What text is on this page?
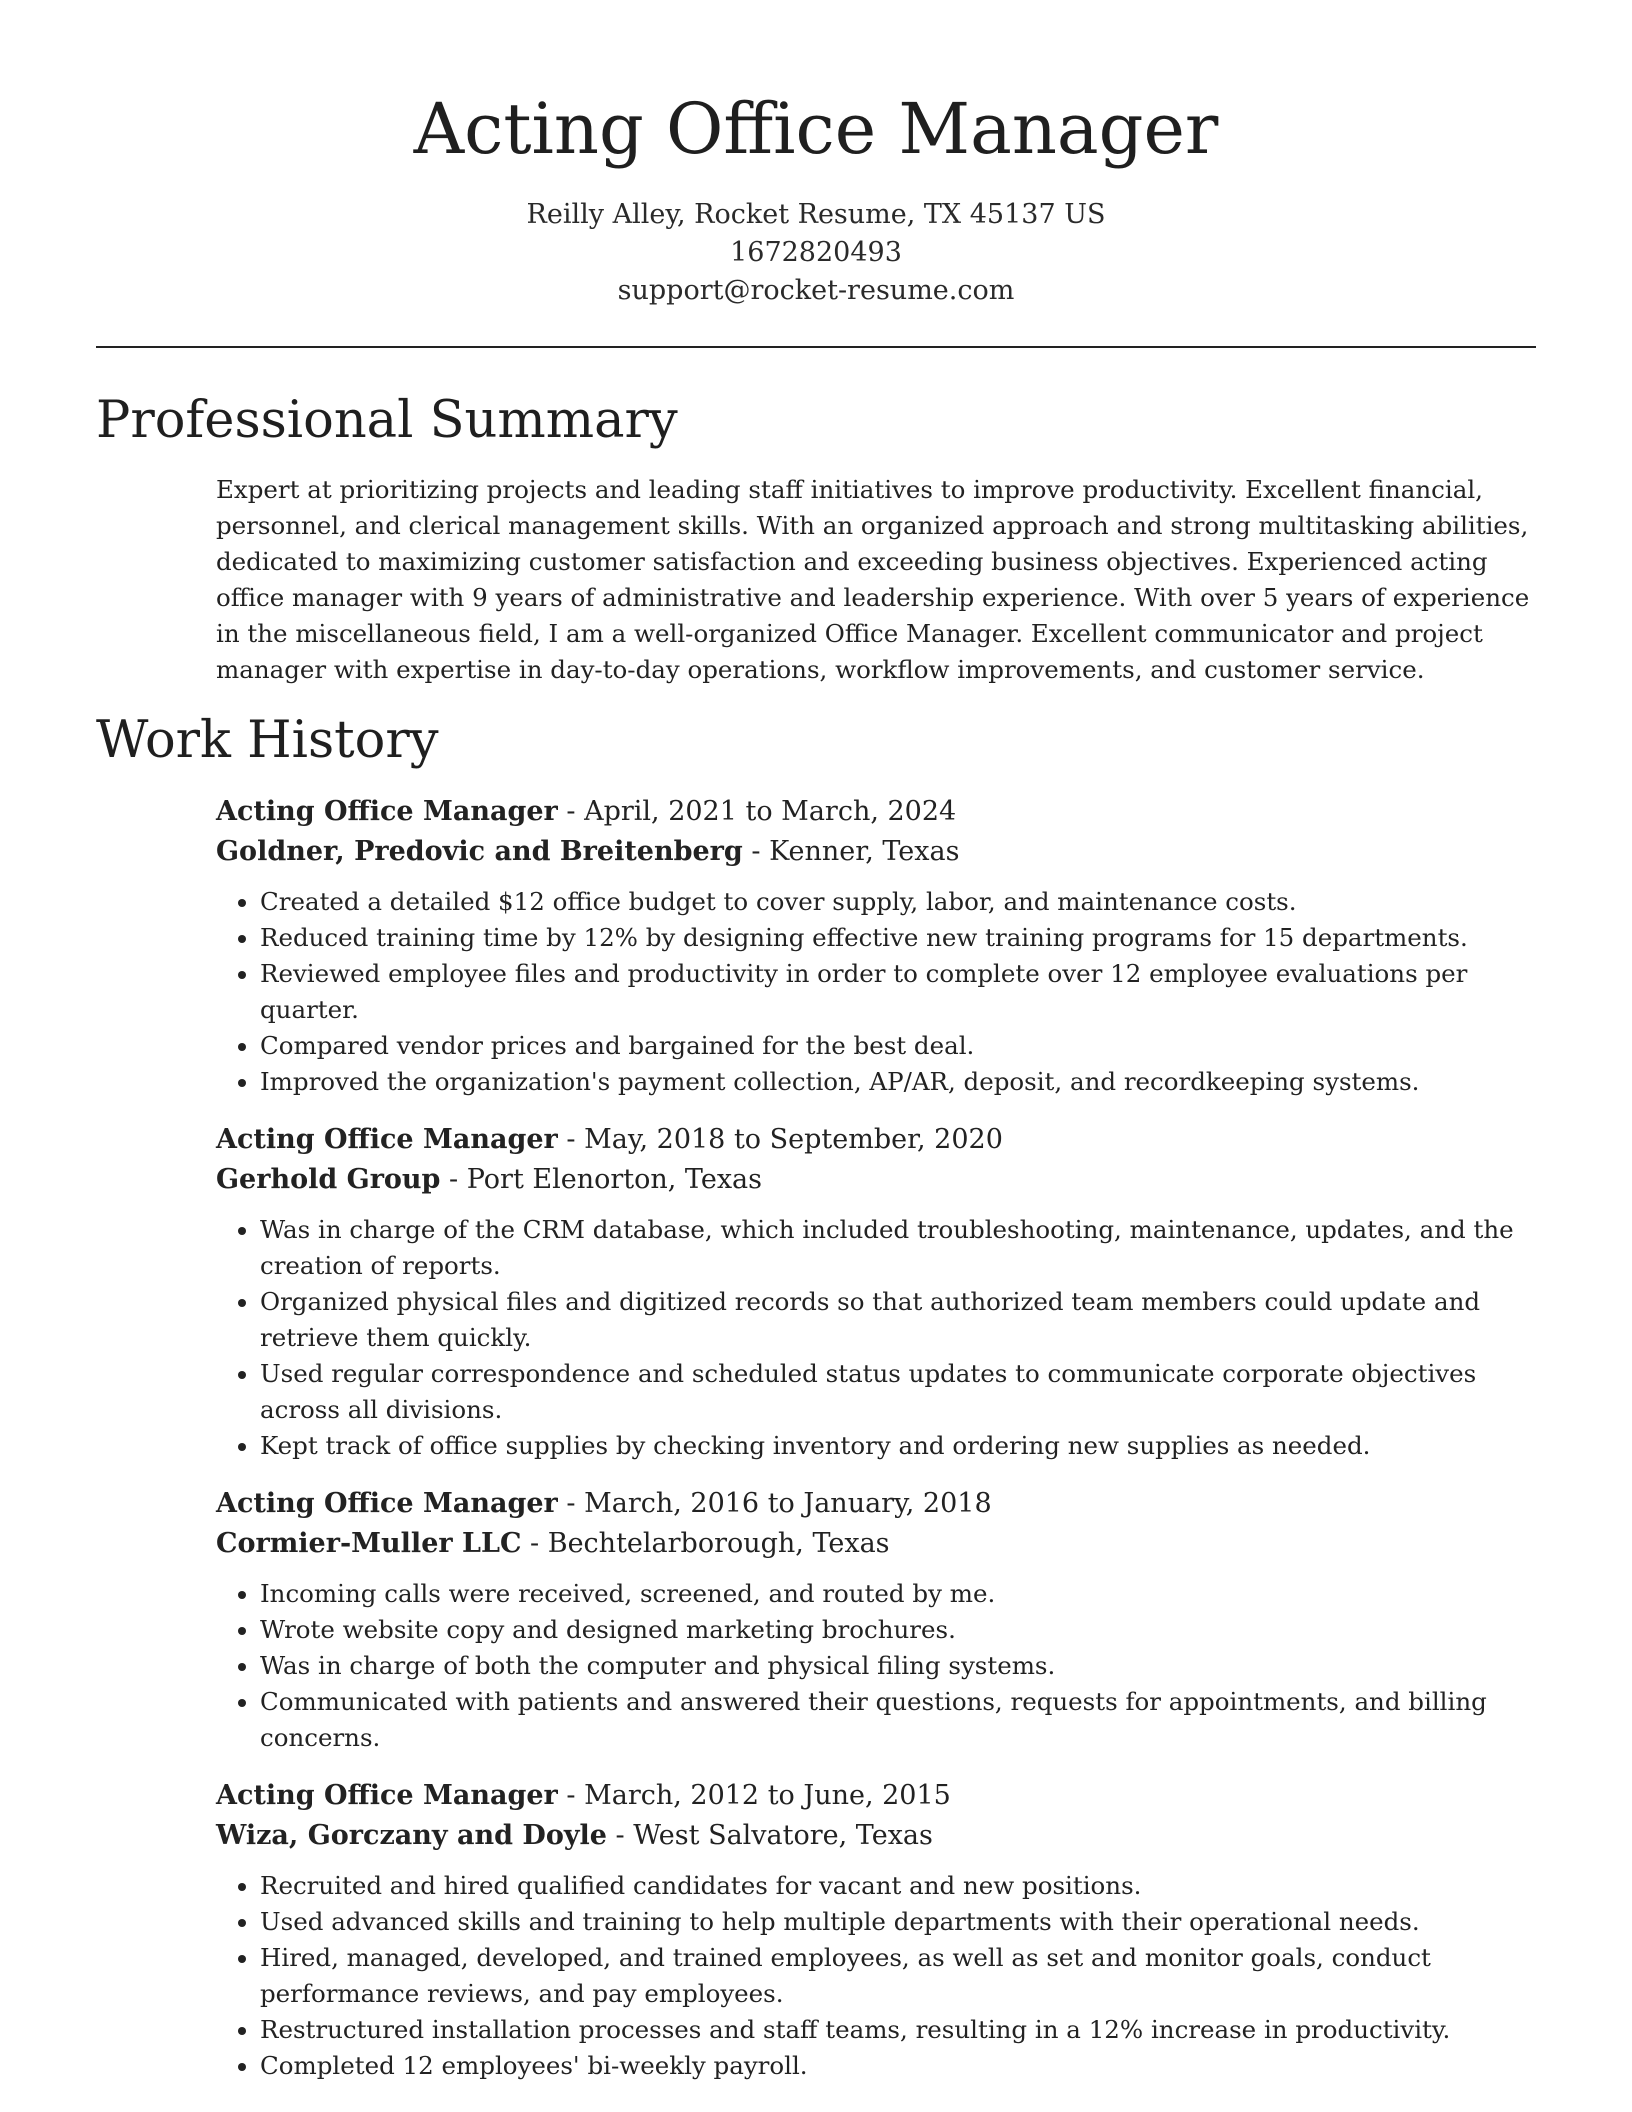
Acting Office Manager
Reilly Alley, Rocket Resume, TX 45137 US
1672820493
support@rocket-resume.com
Professional Summary
Expert at prioritizing projects and leading staff initiatives to improve productivity. Excellent financial, personnel, and clerical management skills. With an organized approach and strong multitasking abilities, dedicated to maximizing customer satisfaction and exceeding business objectives. Experienced acting office manager with 9 years of administrative and leadership experience. With over 5 years of experience in the miscellaneous field, I am a well-organized Office Manager. Excellent communicator and project manager with expertise in day-to-day operations, workflow improvements, and customer service.
Work History
Acting Office Manager - April, 2021 to March, 2024
Goldner, Predovic and Breitenberg - Kenner, Texas
• Created a detailed $12 office budget to cover supply, labor, and maintenance costs.
• Reduced training time by 12% by designing effective new training programs for 15 departments.
• Reviewed employee files and productivity in order to complete over 12 employee evaluations per quarter.
• Compared vendor prices and bargained for the best deal.
• Improved the organization's payment collection, AP/AR, deposit, and recordkeeping systems.
Acting Office Manager - May, 2018 to September, 2020
Gerhold Group - Port Elenorton, Texas
• Was in charge of the CRM database, which included troubleshooting, maintenance, updates, and the creation of reports.
• Organized physical files and digitized records so that authorized team members could update and retrieve them quickly.
• Used regular correspondence and scheduled status updates to communicate corporate objectives across all divisions.
• Kept track of office supplies by checking inventory and ordering new supplies as needed.
Acting Office Manager - March, 2016 to January, 2018
Cormier-Muller LLC - Bechtelarborough, Texas
• Incoming calls were received, screened, and routed by me.
• Wrote website copy and designed marketing brochures.
• Was in charge of both the computer and physical filing systems.
• Communicated with patients and answered their questions, requests for appointments, and billing concerns.
Acting Office Manager - March, 2012 to June, 2015
Wiza, Gorczany and Doyle - West Salvatore, Texas
• Recruited and hired qualified candidates for vacant and new positions.
• Used advanced skills and training to help multiple departments with their operational needs.
• Hired, managed, developed, and trained employees, as well as set and monitor goals, conduct performance reviews, and pay employees.
• Restructured installation processes and staff teams, resulting in a 12% increase in productivity.
• Completed 12 employees' bi-weekly payroll.
